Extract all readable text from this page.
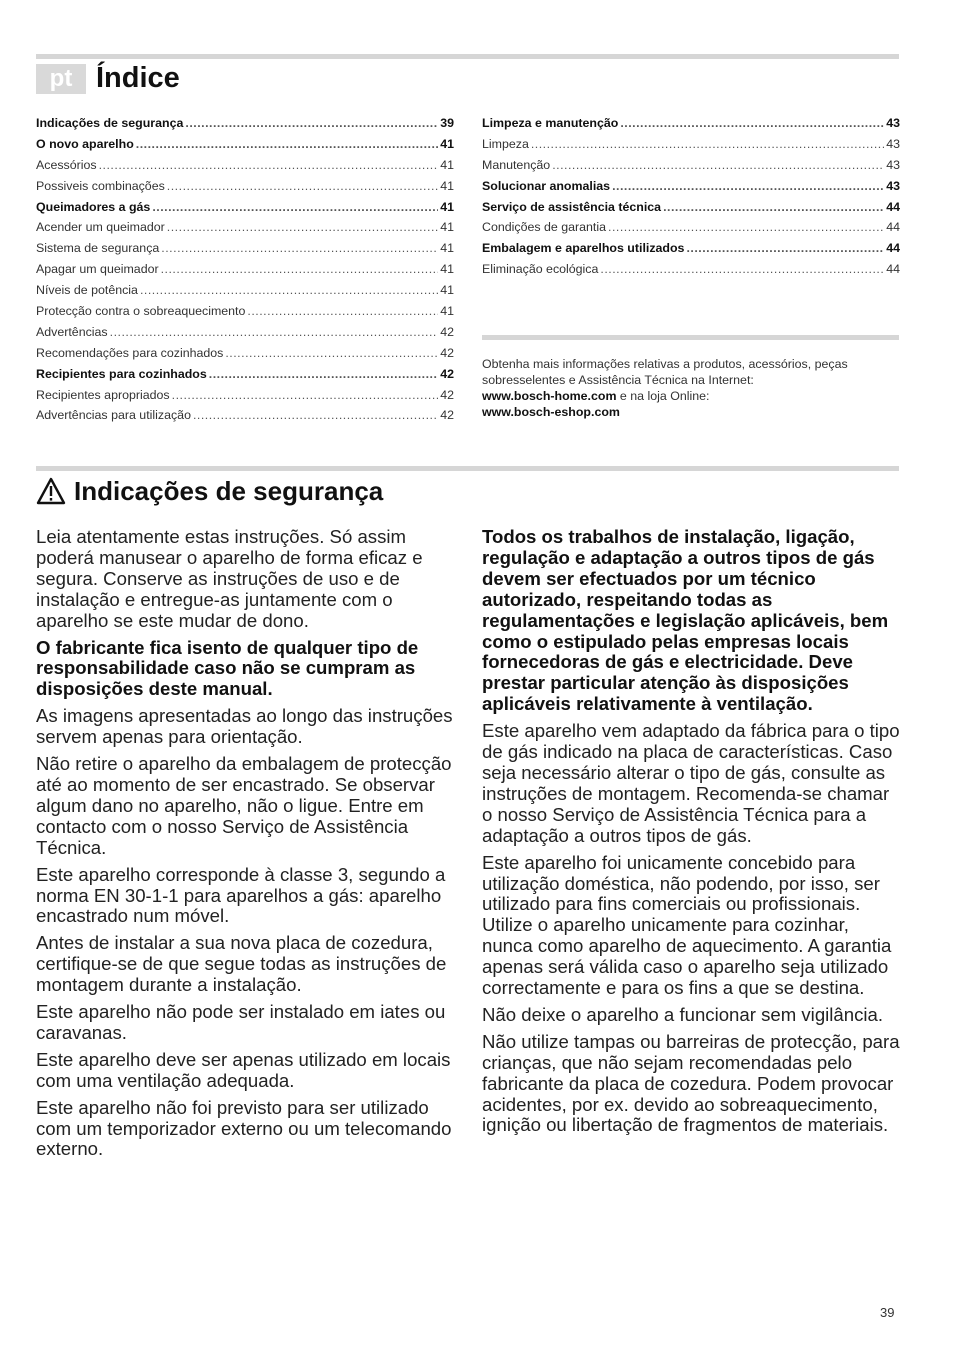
pt Índice
Indicações de segurança .....	39
O novo aparelho .....	41
Acessórios .....	41
Possiveis combinações .....	41
Queimadores a gás .....	41
Acender um queimador .....	41
Sistema de segurança .....	41
Apagar um queimador .....	41
Níveis de potência .....	41
Protecção contra o sobreaquecimento .....	41
Advertências .....	42
Recomendações para cozinhados .....	42
Recipientes para cozinhados .....	42
Recipientes apropriados .....	42
Advertências para utilização .....	42
Limpeza e manutenção .....	43
Limpeza .....	43
Manutenção .....	43
Solucionar anomalias .....	43
Serviço de assistência técnica .....	44
Condições de garantia .....	44
Embalagem e aparelhos utilizados .....	44
Eliminação ecológica .....	44

Obtenha mais informações relativas a produtos, acessórios, peças sobresselentes e Assistência Técnica na Internet:

www.bosch-home.com e na loja Online:

www.bosch-eshop.com

Indicações de segurança

Leia atentamente estas instruções. Só assim poderá manusear o aparelho de forma eficaz e segura. Conserve as instruções de uso e de instalação e entregue-as juntamente com o aparelho se este mudar de dono.

O fabricante fica isento de qualquer tipo de responsabilidade caso não se cumpram as disposições deste manual.

As imagens apresentadas ao longo das instruções servem apenas para orientação.

Não retire o aparelho da embalagem de protecção até ao momento de ser encastrado. Se observar algum dano no aparelho, não o ligue. Entre em contacto com o nosso Serviço de Assistência Técnica.

Este aparelho corresponde à classe 3, segundo a norma EN 30-1-1 para aparelhos a gás: aparelho encastrado num móvel.

Antes de instalar a sua nova placa de cozedura, certifique-se de que segue todas as instruções de montagem durante a instalação.

Este aparelho não pode ser instalado em iates ou caravanas.

Este aparelho deve ser apenas utilizado em locais com uma ventilação adequada.

Este aparelho não foi previsto para ser utilizado com um temporizador externo ou um telecomando externo.

Todos os trabalhos de instalação, ligação, regulação e adaptação a outros tipos de gás devem ser efectuados por um técnico autorizado, respeitando todas as regulamentações e legislação aplicáveis, bem como o estipulado pelas empresas locais fornecedoras de gás e electricidade. Deve prestar particular atenção às disposições aplicáveis relativamente à ventilação.

Este aparelho vem adaptado da fábrica para o tipo de gás indicado na placa de características. Caso seja necessário alterar o tipo de gás, consulte as instruções de montagem. Recomenda-se chamar o nosso Serviço de Assistência Técnica para a adaptação a outros tipos de gás.

Este aparelho foi unicamente concebido para utilização doméstica, não podendo, por isso, ser utilizado para fins comerciais ou profissionais. Utilize o aparelho unicamente para cozinhar, nunca como aparelho de aquecimento. A garantia apenas será válida caso o aparelho seja utilizado correctamente e para os fins a que se destina.

Não deixe o aparelho a funcionar sem vigilância.

Não utilize tampas ou barreiras de protecção, para crianças, que não sejam recomendadas pelo fabricante da placa de cozedura. Podem provocar acidentes, por ex. devido ao sobreaquecimento, ignição ou libertação de fragmentos de materiais.

39
